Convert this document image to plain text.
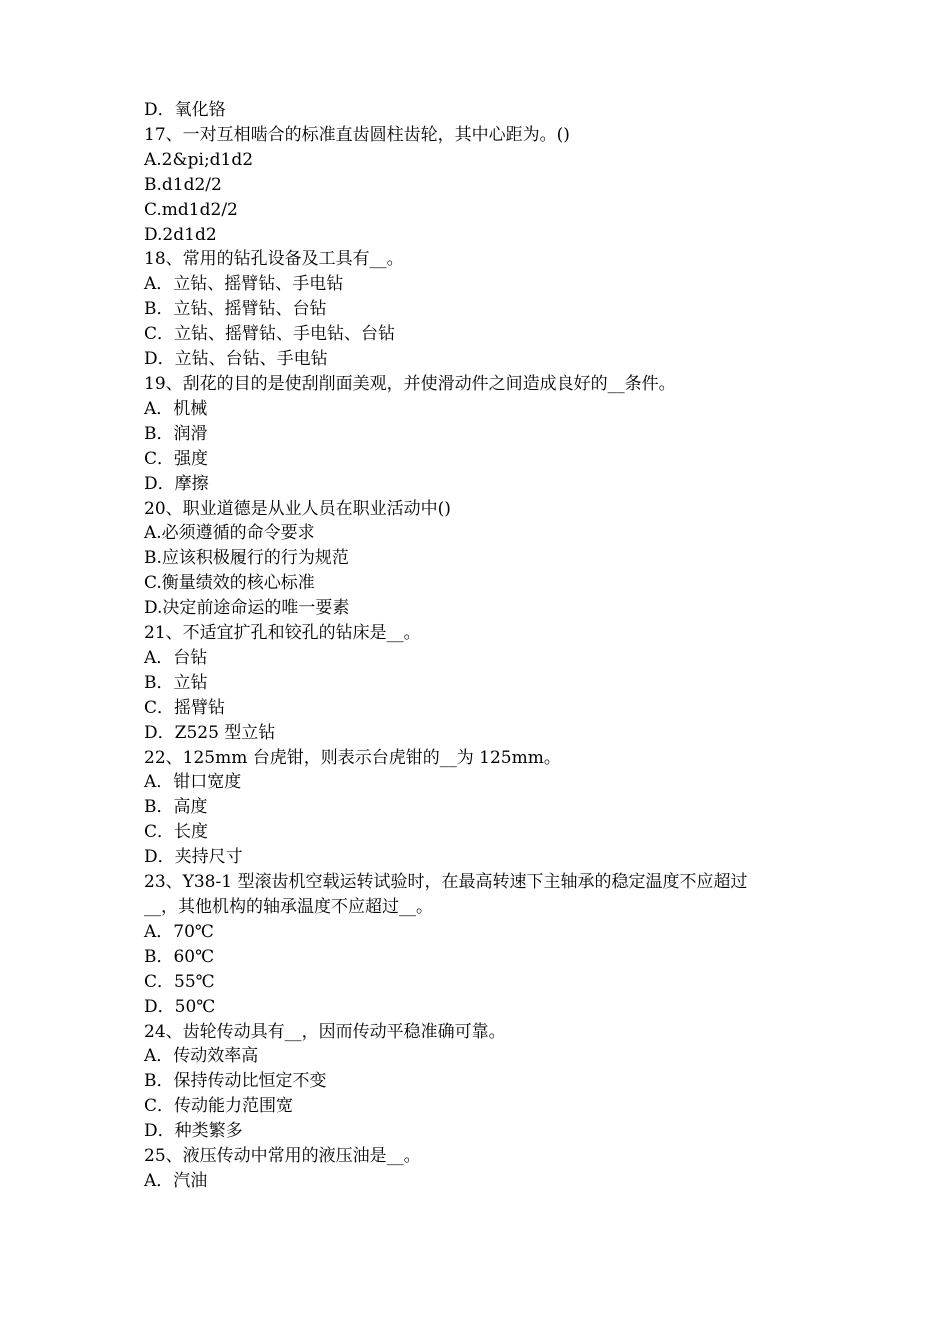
D．氧化铬
17、一对互相啮合的标准直齿圆柱齿轮，其中心距为。()
A.2&pi;d1d2
B.d1d2/2
C.md1d2/2
D.2d1d2
18、常用的钻孔设备及工具有__。
A．立钻、摇臂钻、手电钻
B．立钻、摇臂钻、台钻
C．立钻、摇臂钻、手电钻、台钻
D．立钻、台钻、手电钻
19、刮花的目的是使刮削面美观，并使滑动件之间造成良好的__条件。
A．机械
B．润滑
C．强度
D．摩擦
20、职业道德是从业人员在职业活动中()
A.必须遵循的命令要求
B.应该积极履行的行为规范
C.衡量绩效的核心标准
D.决定前途命运的唯一要素
21、不适宜扩孔和铰孔的钻床是__。
A．台钻
B．立钻
C．摇臂钻
D．Z525 型立钻
22、125mm 台虎钳，则表示台虎钳的__为 125mm。
A．钳口宽度
B．高度
C．长度
D．夹持尺寸
23、Y38-1 型滚齿机空载运转试验时，在最高转速下主轴承的稳定温度不应超过
__，其他机构的轴承温度不应超过__。
A．70℃
B．60℃
C．55℃
D．50℃
24、齿轮传动具有__，因而传动平稳准确可靠。
A．传动效率高
B．保持传动比恒定不变
C．传动能力范围宽
D．种类繁多
25、液压传动中常用的液压油是__。
A．汽油
